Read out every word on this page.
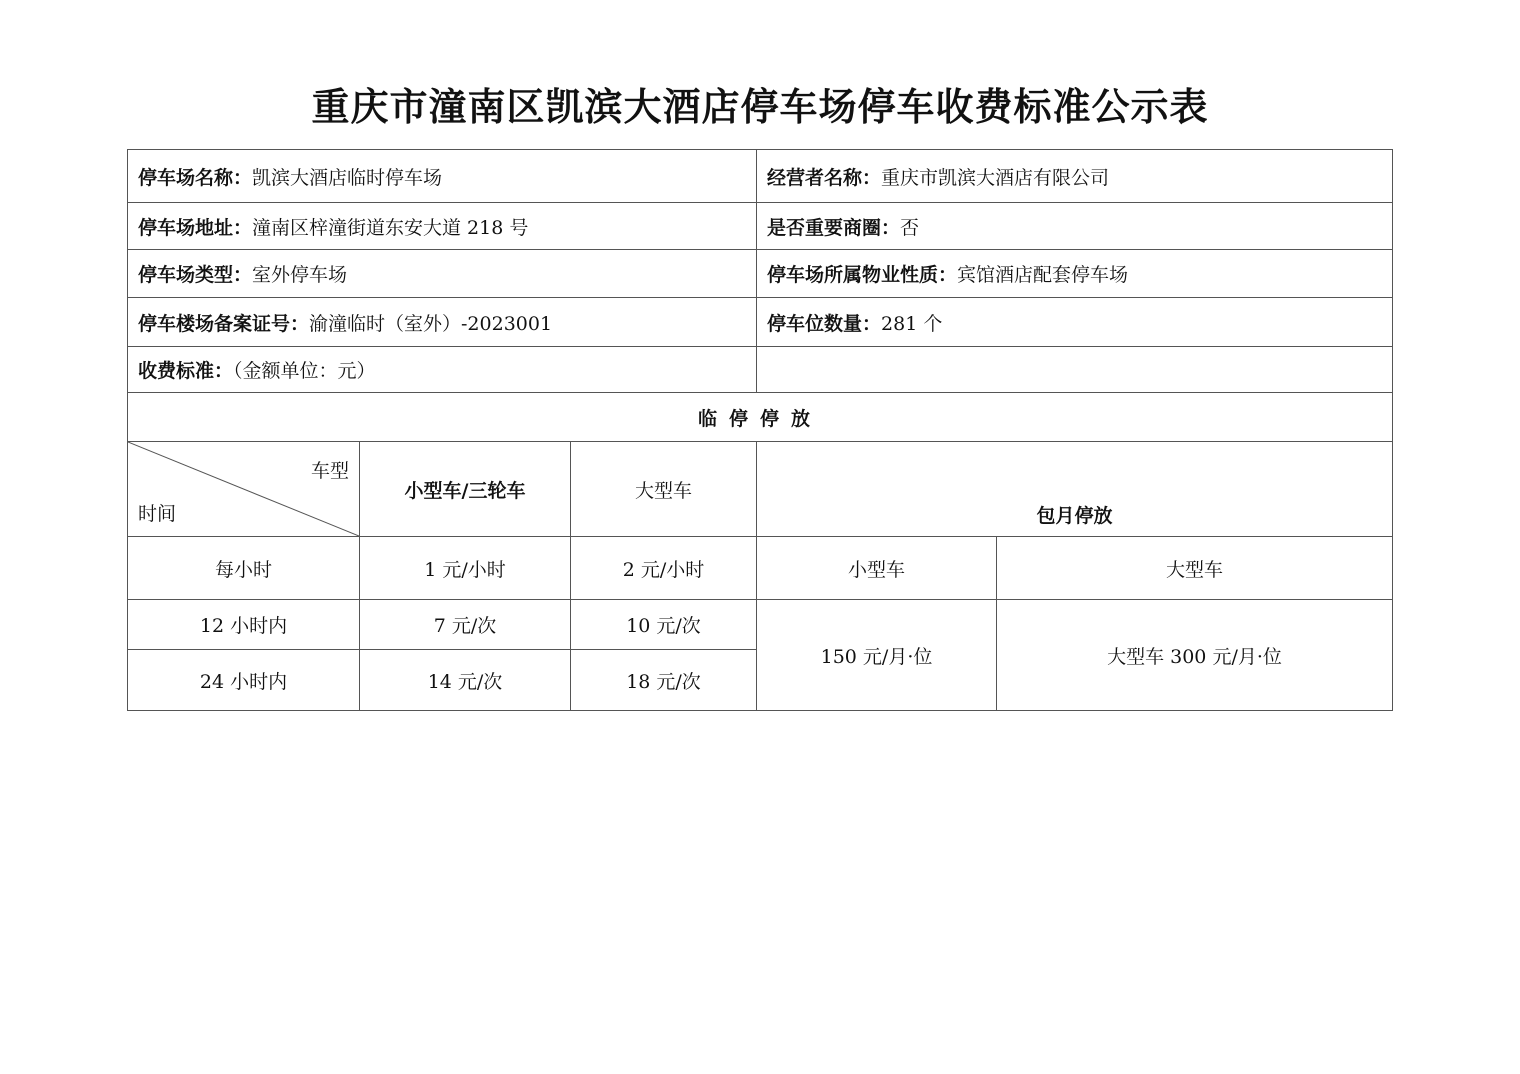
重庆市潼南区凯滨大酒店停车场停车收费标准公示表
停车场名称：凯滨大酒店临时停车场			经营者名称：重庆市凯滨大酒店有限公司	
停车场地址：潼南区梓潼街道东安大道 218 号			是否重要商圈：否	
停车场类型：室外停车场			停车场所属物业性质：宾馆酒店配套停车场	
停车楼场备案证号：渝潼临时（室外）-2023001			停车位数量：281 个	
收费标准：（金额单位：元）				
临停停放				

车型
时间	小型车/三轮车	大型车	包月停放	
每小时	1 元/小时	2 元/小时	小型车	大型车
12 小时内	7 元/次	10 元/次	150 元/月·位	大型车 300 元/月·位
24 小时内	14 元/次	18 元/次		
